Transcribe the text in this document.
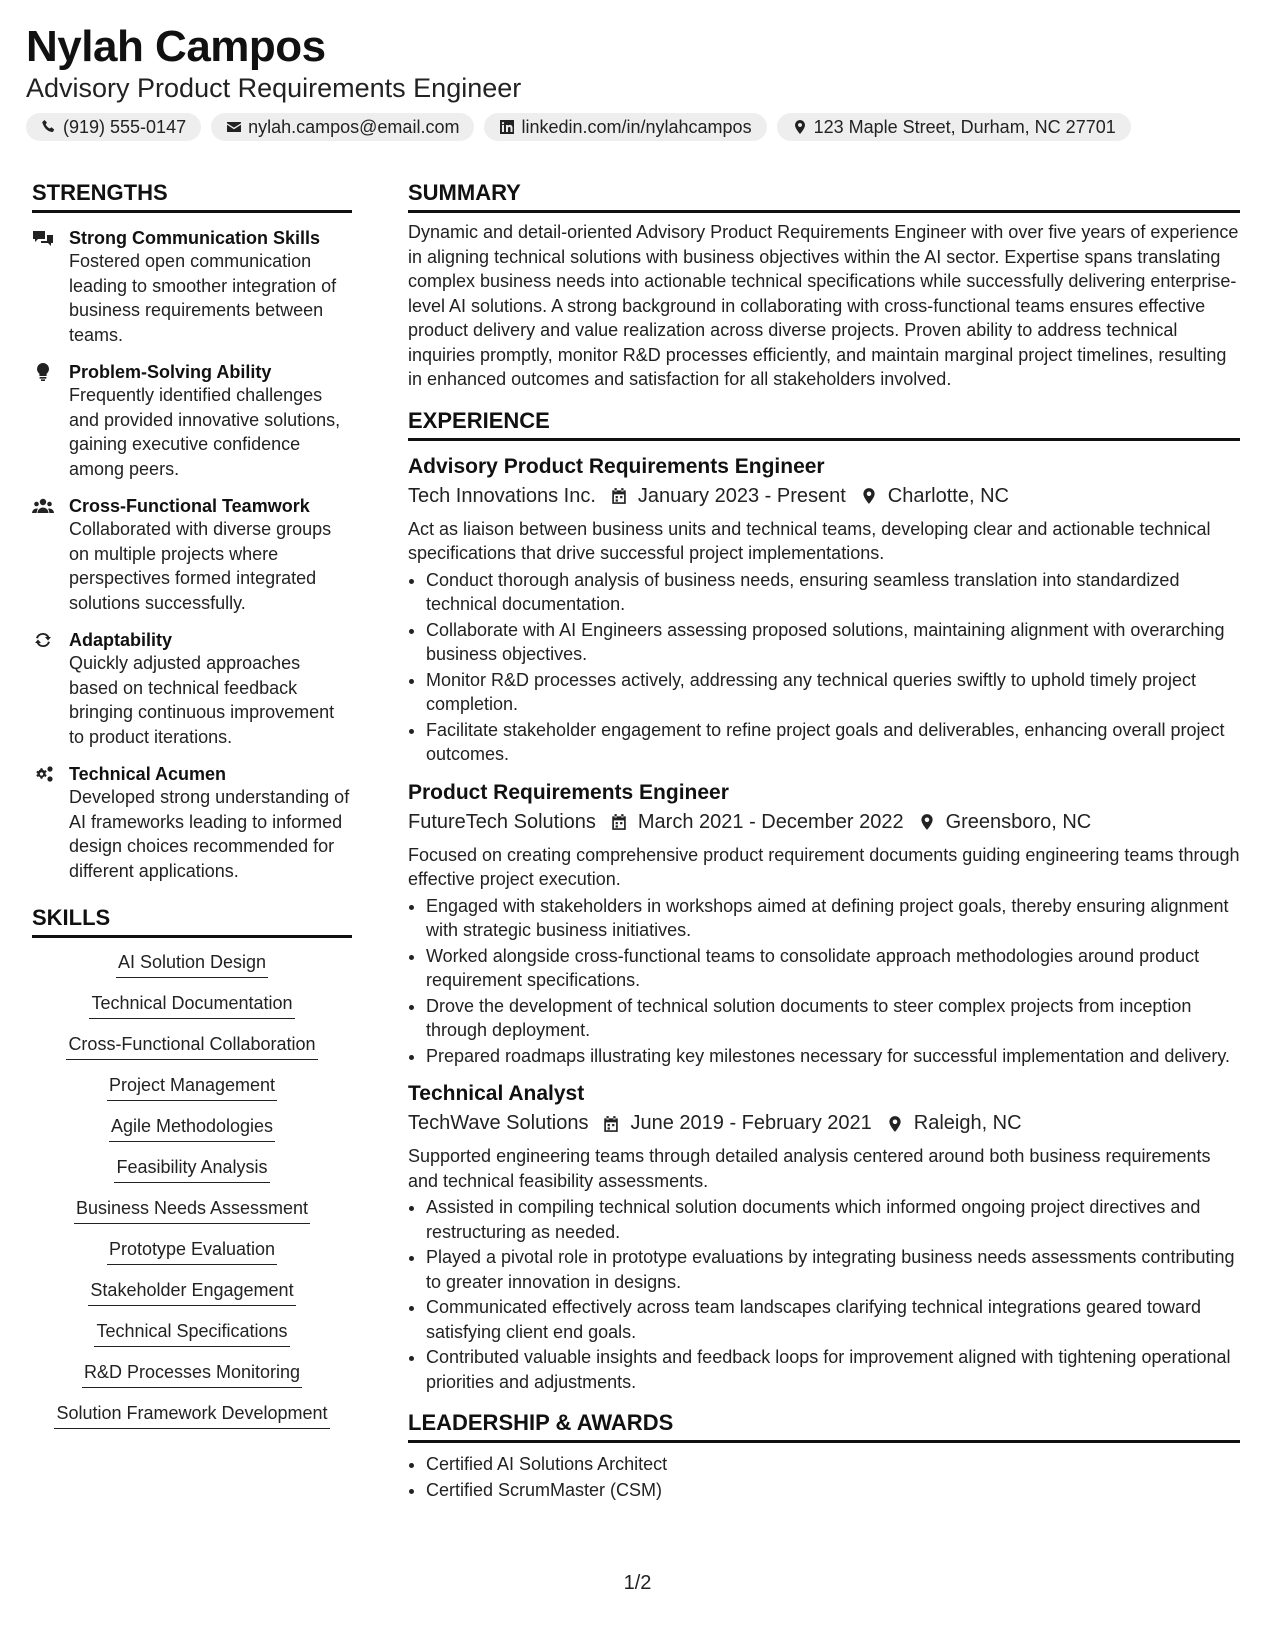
Nylah Campos
Advisory Product Requirements Engineer
(919) 555-0147	nylah.campos@email.com	linkedin.com/in/nylahcampos	123 Maple Street, Durham, NC 27701
STRENGTHS
Strong Communication Skills
Fostered open communication leading to smoother integration of business requirements between teams.
Problem-Solving Ability
Frequently identified challenges and provided innovative solutions, gaining executive confidence among peers.
Cross-Functional Teamwork
Collaborated with diverse groups on multiple projects where perspectives formed integrated solutions successfully.
Adaptability
Quickly adjusted approaches based on technical feedback bringing continuous improvement to product iterations.
Technical Acumen
Developed strong understanding of AI frameworks leading to informed design choices recommended for different applications.
SKILLS
AI Solution Design
Technical Documentation
Cross-Functional Collaboration
Project Management
Agile Methodologies
Feasibility Analysis
Business Needs Assessment
Prototype Evaluation
Stakeholder Engagement
Technical Specifications
R&D Processes Monitoring
Solution Framework Development
SUMMARY
Dynamic and detail-oriented Advisory Product Requirements Engineer with over five years of experience in aligning technical solutions with business objectives within the AI sector. Expertise spans translating complex business needs into actionable technical specifications while successfully delivering enterprise-level AI solutions. A strong background in collaborating with cross-functional teams ensures effective product delivery and value realization across diverse projects. Proven ability to address technical inquiries promptly, monitor R&D processes efficiently, and maintain marginal project timelines, resulting in enhanced outcomes and satisfaction for all stakeholders involved.
EXPERIENCE
Advisory Product Requirements Engineer
Tech Innovations Inc. January 2023 - Present Charlotte, NC
Act as liaison between business units and technical teams, developing clear and actionable technical specifications that drive successful project implementations.
• Conduct thorough analysis of business needs, ensuring seamless translation into standardized technical documentation.
• Collaborate with AI Engineers assessing proposed solutions, maintaining alignment with overarching business objectives.
• Monitor R&D processes actively, addressing any technical queries swiftly to uphold timely project completion.
• Facilitate stakeholder engagement to refine project goals and deliverables, enhancing overall project outcomes.
Product Requirements Engineer
FutureTech Solutions March 2021 - December 2022 Greensboro, NC
Focused on creating comprehensive product requirement documents guiding engineering teams through effective project execution.
• Engaged with stakeholders in workshops aimed at defining project goals, thereby ensuring alignment with strategic business initiatives.
• Worked alongside cross-functional teams to consolidate approach methodologies around product requirement specifications.
• Drove the development of technical solution documents to steer complex projects from inception through deployment.
• Prepared roadmaps illustrating key milestones necessary for successful implementation and delivery.
Technical Analyst
TechWave Solutions June 2019 - February 2021 Raleigh, NC
Supported engineering teams through detailed analysis centered around both business requirements and technical feasibility assessments.
• Assisted in compiling technical solution documents which informed ongoing project directives and restructuring as needed.
• Played a pivotal role in prototype evaluations by integrating business needs assessments contributing to greater innovation in designs.
• Communicated effectively across team landscapes clarifying technical integrations geared toward satisfying client end goals.
• Contributed valuable insights and feedback loops for improvement aligned with tightening operational priorities and adjustments.
LEADERSHIP & AWARDS
• Certified AI Solutions Architect
• Certified ScrumMaster (CSM)
1/2
